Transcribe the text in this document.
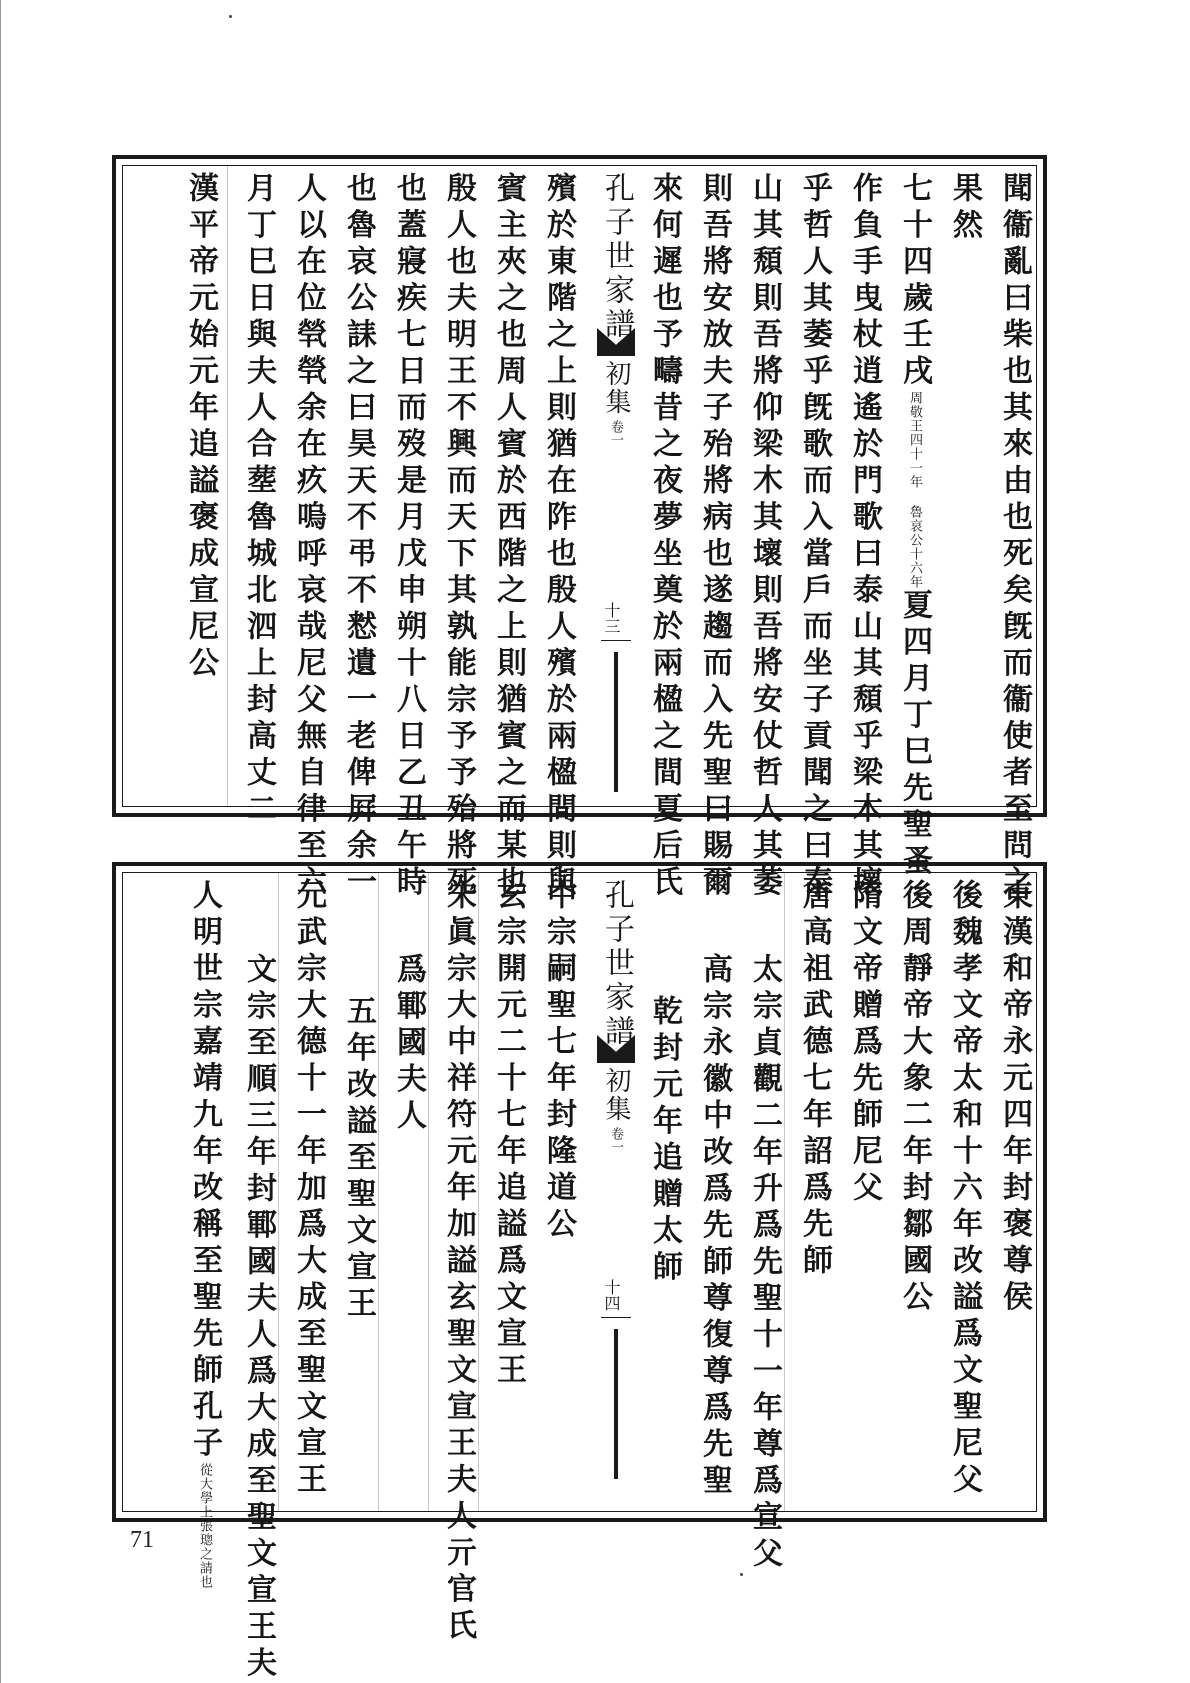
聞衞亂曰柴也其來由也死矣旣而衞使者至問之
果然
七十四歲壬戌周敬王四十一年 魯哀公十六年夏四月丁巳先聖蚤
作負手曳杖逍遙於門歌曰泰山其頹乎梁木其壞
乎哲人其萎乎旣歌而入當戶而坐子貢聞之曰泰
山其頹則吾將仰梁木其壞則吾將安仗哲人其萎
則吾將安放夫子殆將病也遂趨而入先聖曰賜爾
來何遲也予疇昔之夜夢坐奠於兩楹之間夏后氏
孔子世家譜
初集
卷一
十三
殯於東階之上則猶在阼也殷人殯於兩楹間則與
賓主夾之也周人賓於西階之上則猶賓之而某也
殷人也夫明王不興而天下其孰能宗予予殆將死
也蓋寢疾七日而歿是月戊申朔十八日乙丑午時
也魯哀公誄之曰昊天不弔不慭遺一老俾屛余一
人以在位煢煢余在疚嗚呼哀哉尼父無自律至六
月丁巳日與夫人合塟魯城北泗上封高丈二
漢平帝元始元年追謚褒成宣尼公
東漢和帝永元四年封褒尊侯
後魏孝文帝太和十六年改謚爲文聖尼父
後周靜帝大象二年封鄒國公
隋文帝贈爲先師尼父
唐高祖武德七年詔爲先師
太宗貞觀二年升爲先聖十一年尊爲宣父
高宗永徽中改爲先師尊復尊爲先聖
乾封元年追贈太師
孔子世家譜
初集
卷一
十四
中宗嗣聖七年封隆道公
玄宗開元二十七年追謚爲文宣王
宋眞宗大中祥符元年加謚玄聖文宣王夫人亓官氏
爲鄆國夫人
五年改謚至聖文宣王
元武宗大德十一年加爲大成至聖文宣王
文宗至順三年封鄆國夫人爲大成至聖文宣王夫
人明世宗嘉靖九年改稱至聖先師孔子從大學上張璁之請也
71
